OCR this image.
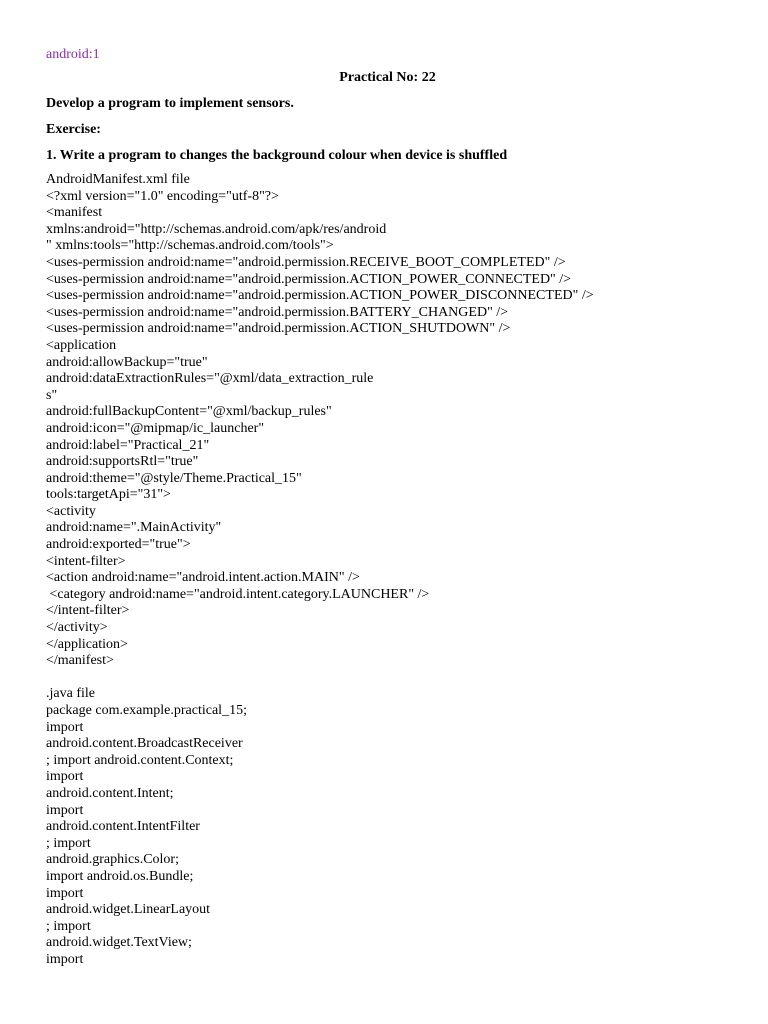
android:1
Practical No: 22
Develop a program to implement sensors.
Exercise:
1. Write a program to changes the background colour when device is shuffled
AndroidManifest.xml file
<?xml version="1.0" encoding="utf-8"?>
<manifest
xmlns:android="http://schemas.android.com/apk/res/android
" xmlns:tools="http://schemas.android.com/tools">
<uses-permission android:name="android.permission.RECEIVE_BOOT_COMPLETED" />
<uses-permission android:name="android.permission.ACTION_POWER_CONNECTED" />
<uses-permission android:name="android.permission.ACTION_POWER_DISCONNECTED" />
<uses-permission android:name="android.permission.BATTERY_CHANGED" />
<uses-permission android:name="android.permission.ACTION_SHUTDOWN" />
<application
android:allowBackup="true"
android:dataExtractionRules="@xml/data_extraction_rule
s"
android:fullBackupContent="@xml/backup_rules"
android:icon="@mipmap/ic_launcher"
android:label="Practical_21"
android:supportsRtl="true"
android:theme="@style/Theme.Practical_15"
tools:targetApi="31">
<activity
android:name=".MainActivity"
android:exported="true">
<intent-filter>
<action android:name="android.intent.action.MAIN" />
<category android:name="android.intent.category.LAUNCHER" />
</intent-filter>
</activity>
</application>
</manifest>
.java file
package com.example.practical_15;
import
android.content.BroadcastReceiver
; import android.content.Context;
import
android.content.Intent;
import
android.content.IntentFilter
; import
android.graphics.Color;
import android.os.Bundle;
import
android.widget.LinearLayout
; import
android.widget.TextView;
import
